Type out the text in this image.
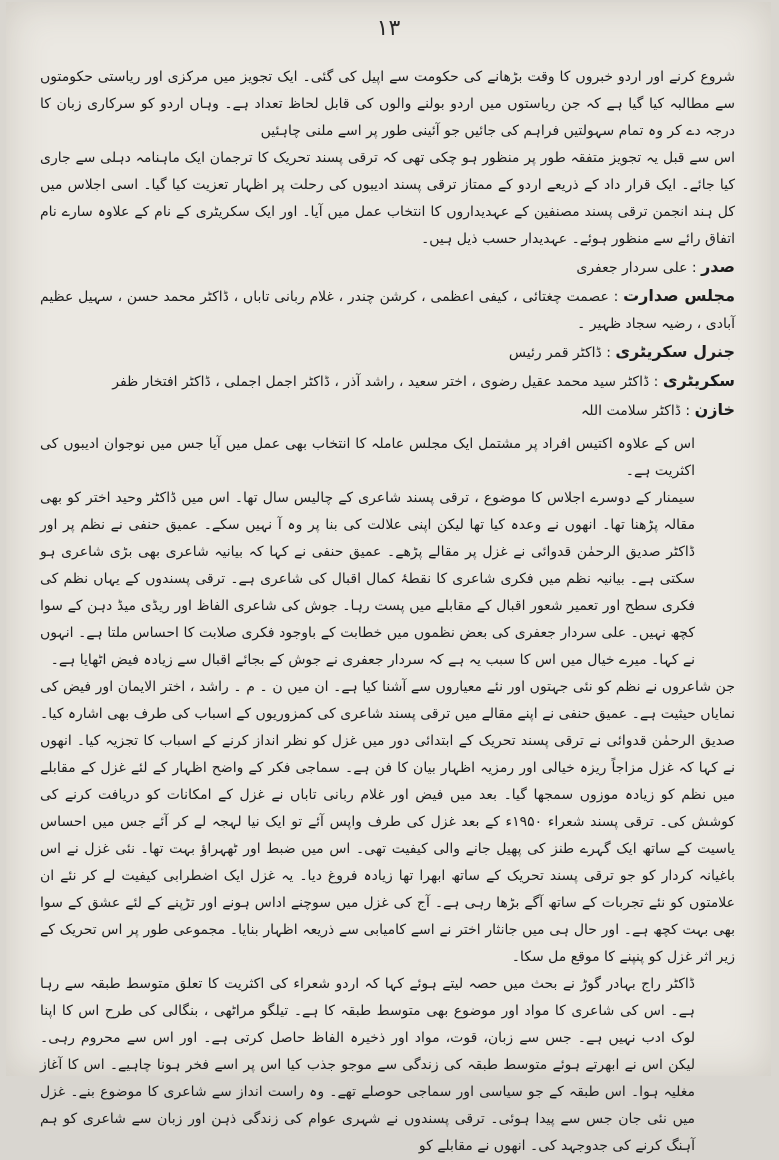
۱۳

شروع کرنے اور اردو خبروں کا وقت بڑھانے کی حکومت سے اپیل کی گئی۔ ایک تجویز میں مرکزی اور ریاستی حکومتوں سے مطالبہ کیا گیا ہے کہ جن ریاستوں میں اردو بولنے والوں کی قابل لحاظ تعداد ہے۔ وہاں اردو کو سرکاری زبان کا درجہ دے کر وہ تمام سہولتیں فراہم کی جائیں جو آئینی طور پر اسے ملنی چاہئیں

اس سے قبل یہ تجویز متفقہ طور پر منظور ہو چکی تھی کہ ترقی پسند تحریک کا ترجمان ایک ماہنامہ دہلی سے جاری کیا جائے۔ ایک قرار داد کے ذریعے اردو کے ممتاز ترقی پسند ادیبوں کی رحلت پر اظہار تعزیت کیا گیا۔ اسی اجلاس میں کل ہند انجمن ترقی پسند مصنفین کے عہدیداروں کا انتخاب عمل میں آیا۔ اور ایک سکریٹری کے نام کے علاوہ سارے نام اتفاق رائے سے منظور ہوئے۔ عہدیدار حسب ذیل ہیں۔

صدر : علی سردار جعفری
مجلس صدارت : عصمت چغتائی ، کیفی اعظمی ، کرشن چندر ، غلام ربانی تاباں ، ڈاکٹر محمد حسن ، سہیل عظیم آبادی ، رضیہ سجاد ظہیر ۔
جنرل سکریٹری : ڈاکٹر قمر رئیس
سکریٹری : ڈاکٹر سید محمد عقیل رضوی ، اختر سعید ، راشد آذر ، ڈاکٹر اجمل اجملی ، ڈاکٹر افتخار ظفر
خازن : ڈاکٹر سلامت اللہ

اس کے علاوہ اکتیس افراد پر مشتمل ایک مجلس عاملہ کا انتخاب بھی عمل میں آیا جس میں نوجوان ادیبوں کی اکثریت ہے۔

سیمنار کے دوسرے اجلاس کا موضوع ، ترقی پسند شاعری کے چالیس سال تھا۔ اس میں ڈاکٹر وحید اختر کو بھی مقالہ پڑھنا تھا۔ انھوں نے وعدہ کیا تھا لیکن اپنی علالت کی بنا پر وہ آ نہیں سکے۔ عمیق حنفی نے نظم پر اور ڈاکٹر صدیق الرحمٰن قدوائی نے غزل پر مقالے پڑھے۔ عمیق حنفی نے کہا کہ بیانیہ شاعری بھی بڑی شاعری ہو سکتی ہے۔ بیانیہ نظم میں فکری شاعری کا نقطۂ کمال اقبال کی شاعری ہے۔ ترقی پسندوں کے یہاں نظم کی فکری سطح اور تعمیر شعور اقبال کے مقابلے میں پست رہا۔ جوش کی شاعری الفاظ اور ریڈی میڈ دہن کے سوا کچھ نہیں۔ علی سردار جعفری کی بعض نظموں میں خطابت کے باوجود فکری صلابت کا احساس ملتا ہے۔ انہوں نے کہا۔ میرے خیال میں اس کا سبب یہ ہے کہ سردار جعفری نے جوش کے بجائے اقبال سے زیادہ فیض اٹھایا ہے۔

جن شاعروں نے نظم کو نئی جہتوں اور نئے معیاروں سے آشنا کیا ہے۔ ان میں ن ۔ م ۔ راشد ، اختر الایمان اور فیض کی نمایاں حیثیت ہے۔ عمیق حنفی نے اپنے مقالے میں ترقی پسند شاعری کی کمزوریوں کے اسباب کی طرف بھی اشارہ کیا۔ صدیق الرحمٰن قدوائی نے ترقی پسند تحریک کے ابتدائی دور میں غزل کو نظر انداز کرنے کے اسباب کا تجزیہ کیا۔ انھوں نے کہا کہ غزل مزاجاً ریزہ خیالی اور رمزیہ اظہار بیان کا فن ہے۔ سماجی فکر کے واضح اظہار کے لئے غزل کے مقابلے میں نظم کو زیادہ موزوں سمجھا گیا۔ بعد میں فیض اور غلام ربانی تاباں نے غزل کے امکانات کو دریافت کرنے کی کوشش کی۔ ترقی پسند شعراء ۱۹۵۰ء کے بعد غزل کی طرف واپس آئے تو ایک نیا لہجہ لے کر آئے جس میں احساس یاسیت کے ساتھ ایک گہرے طنز کی پھیل جانے والی کیفیت تھی۔ اس میں ضبط اور ٹھہراؤ بہت تھا۔ نئی غزل نے اس باغیانہ کردار کو جو ترقی پسند تحریک کے ساتھ ابھرا تھا زیادہ فروغ دیا۔ یہ غزل ایک اضطرابی کیفیت لے کر نئے ان علامتوں کو نئے تجربات کے ساتھ آگے بڑھا رہی ہے۔ آج کی غزل میں سوچنے اداس ہونے اور تڑپنے کے لئے عشق کے سوا بھی بہت کچھ ہے۔ اور حال ہی میں جانثار اختر نے اسے کامیابی سے ذریعہ اظہار بنایا۔ مجموعی طور پر اس تحریک کے زیر اثر غزل کو پنپنے کا موقع مل سکا۔

ڈاکٹر راج بہادر گوڑ نے بحث میں حصہ لیتے ہوئے کہا کہ اردو شعراء کی اکثریت کا تعلق متوسط طبقہ سے رہا ہے۔ اس کی شاعری کا مواد اور موضوع بھی متوسط طبقہ کا ہے۔ تیلگو مراٹھی ، بنگالی کی طرح اس کا اپنا لوک ادب نہیں ہے۔ جس سے زبان، قوت، مواد اور ذخیرہ الفاظ حاصل کرتی ہے۔ اور اس سے محروم رہی۔ لیکن اس نے ابھرتے ہوئے متوسط طبقہ کی زندگی سے موجو جذب کیا اس پر اسے فخر ہونا چاہیے۔ اس کا آغاز مغلیہ ہوا۔ اس طبقہ کے جو سیاسی اور سماجی حوصلے تھے۔ وہ راست انداز سے شاعری کا موضوع بنے۔ غزل میں نئی جان جس سے پیدا ہوئی۔ ترقی پسندوں نے شہری عوام کی زندگی ذہن اور زبان سے شاعری کو ہم آہنگ کرنے کی جدوجہد کی۔ انھوں نے مقابلے کو
